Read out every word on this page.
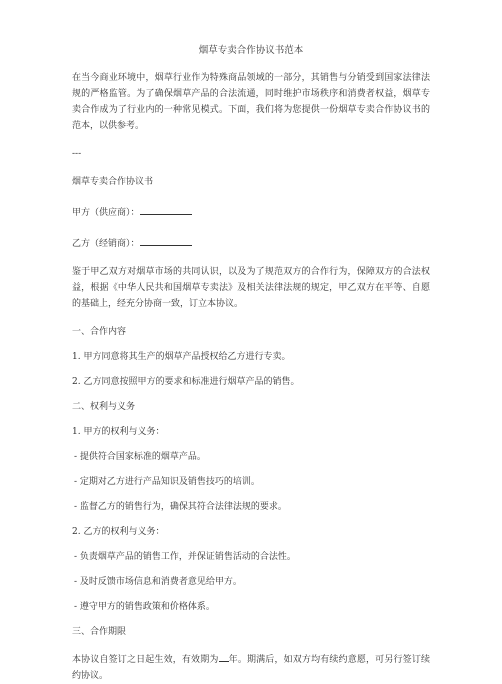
烟草专卖合作协议书范本

在当今商业环境中，烟草行业作为特殊商品领域的一部分，其销售与分销受到国家法律法规的严格监管。为了确保烟草产品的合法流通，同时维护市场秩序和消费者权益，烟草专卖合作成为了行业内的一种常见模式。下面，我们将为您提供一份烟草专卖合作协议书的范本，以供参考。

---

烟草专卖合作协议书

甲方（供应商）：

乙方（经销商）：

鉴于甲乙双方对烟草市场的共同认识，以及为了规范双方的合作行为，保障双方的合法权益，根据《中华人民共和国烟草专卖法》及相关法律法规的规定，甲乙双方在平等、自愿的基础上，经充分协商一致，订立本协议。

一、合作内容

1. 甲方同意将其生产的烟草产品授权给乙方进行专卖。

2. 乙方同意按照甲方的要求和标准进行烟草产品的销售。

二、权利与义务

1. 甲方的权利与义务：

- 提供符合国家标准的烟草产品。

- 定期对乙方进行产品知识及销售技巧的培训。

- 监督乙方的销售行为，确保其符合法律法规的要求。

2. 乙方的权利与义务：

- 负责烟草产品的销售工作，并保证销售活动的合法性。

- 及时反馈市场信息和消费者意见给甲方。

- 遵守甲方的销售政策和价格体系。

三、合作期限

本协议自签订之日起生效，有效期为 年。期满后，如双方均有续约意愿，可另行签订续约协议。
